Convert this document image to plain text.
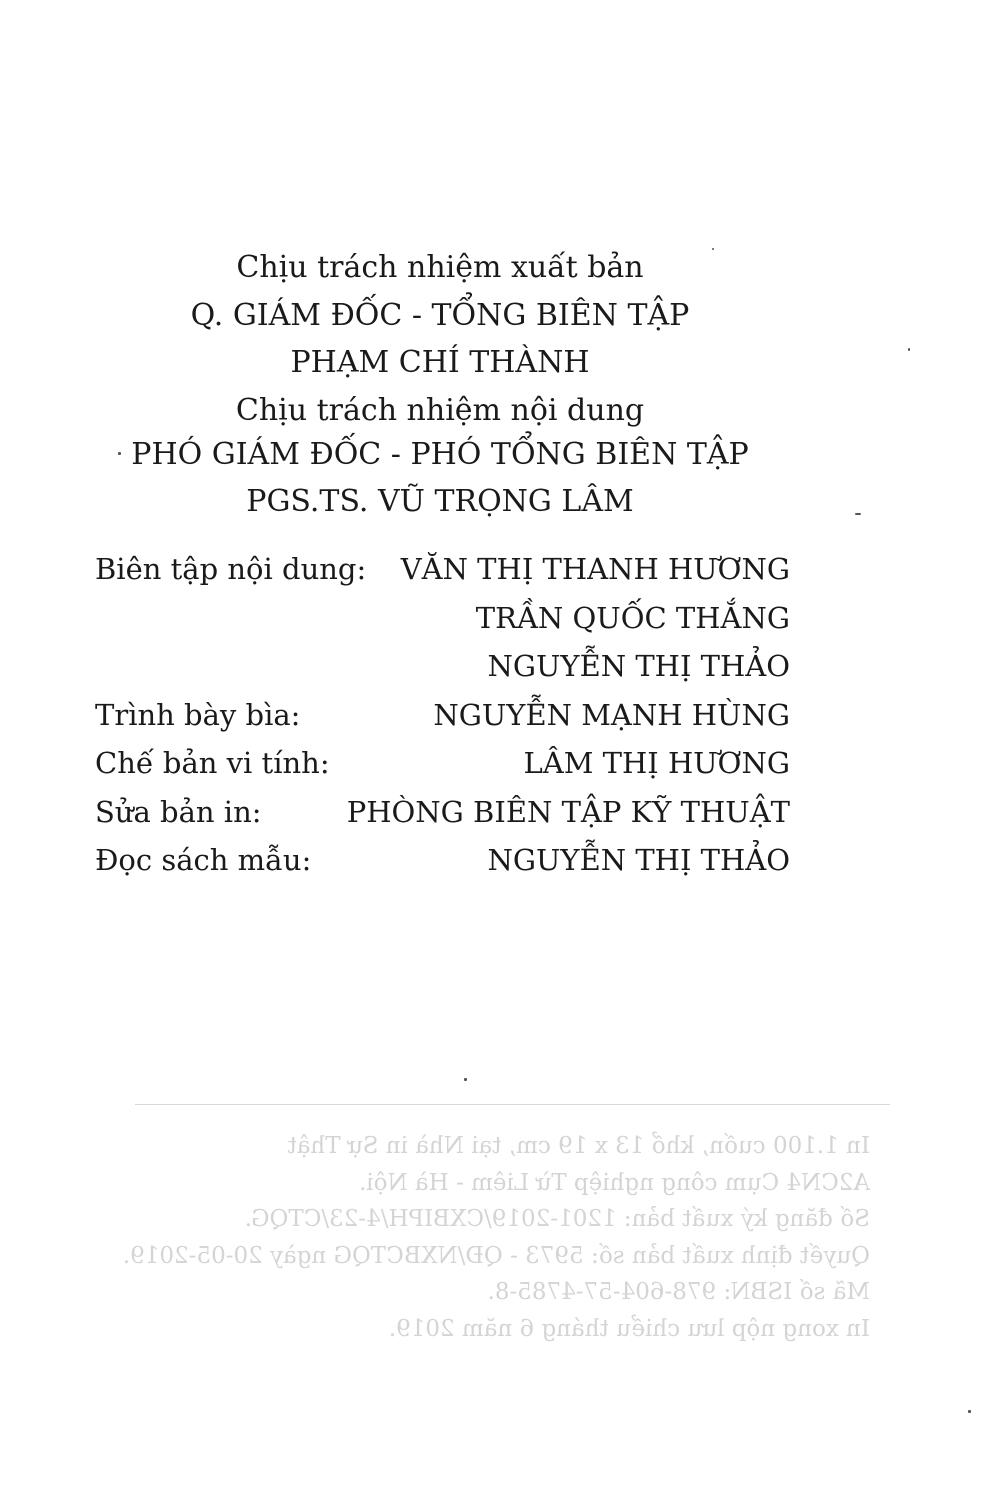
Chịu trách nhiệm xuất bản
Q. GIÁM ĐỐC - TỔNG BIÊN TẬP
PHẠM CHÍ THÀNH
Chịu trách nhiệm nội dung
PHÓ GIÁM ĐỐC - PHÓ TỔNG BIÊN TẬP
PGS.TS. VŨ TRỌNG LÂM
Biên tập nội dung: VĂN THỊ THANH HƯƠNG
TRẦN QUỐC THẮNG
NGUYỄN THỊ THẢO
Trình bày bìa:	NGUYỄN MẠNH HÙNG
Chế bản vi tính:	LÂM THỊ HƯƠNG
Sửa bản in:	PHÒNG BIÊN TẬP KỸ THUẬT
Đọc sách mẫu:	NGUYỄN THỊ THẢO
In 1.100 cuốn, khổ 13 x 19 cm, tại Nhà in Sự Thật
A2CN4 Cụm công nghiệp Từ Liêm - Hà Nội.
Số đăng ký xuất bản: 1201-2019/CXBIPH/4-23/CTQG.
Quyết định xuất bản số: 5973 - QĐ/NXBCTQG ngày 20-05-2019.
Mã số ISBN: 978-604-57-4785-8.
In xong nộp lưu chiểu tháng 6 năm 2019.
